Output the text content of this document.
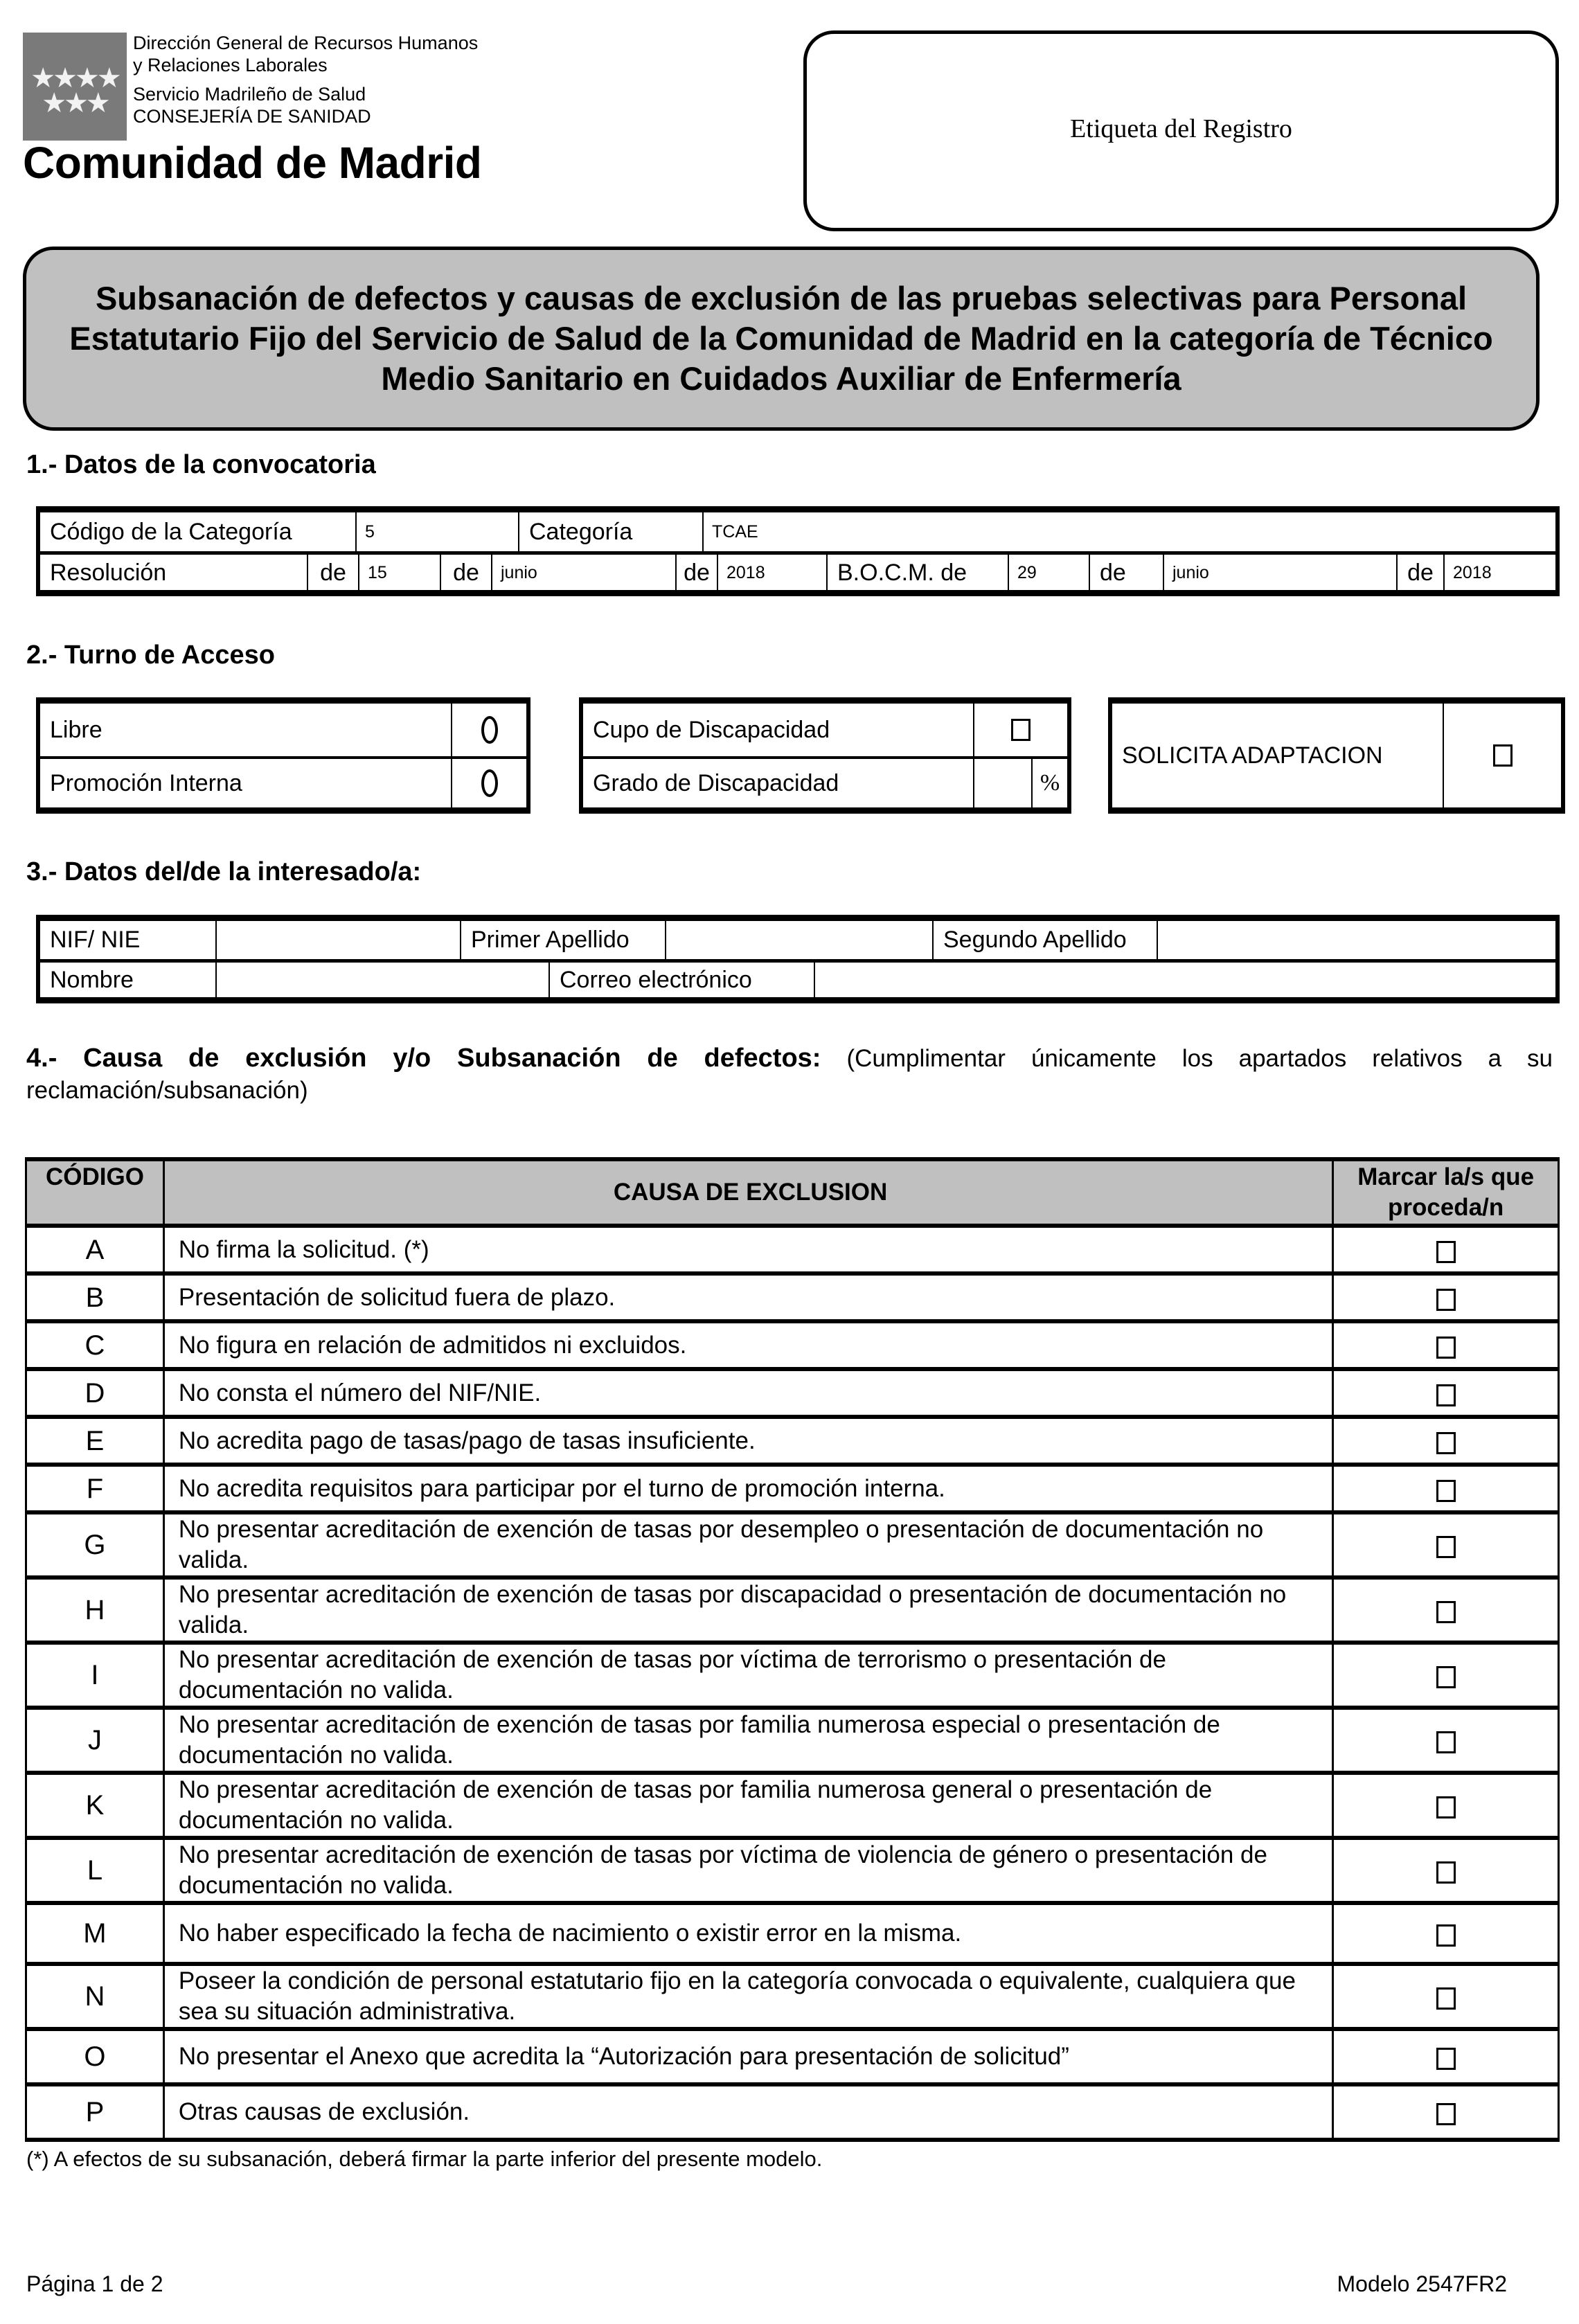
★★★★
★★★
Dirección General de Recursos Humanos
y Relaciones Laborales
Servicio Madrileño de Salud
CONSEJERÍA DE SANIDAD
Comunidad de Madrid
Etiqueta del Registro
Subsanación de defectos y causas de exclusión de las pruebas selectivas para Personal Estatutario Fijo del Servicio de Salud de la Comunidad de Madrid en la categoría de Técnico Medio Sanitario en Cuidados Auxiliar de Enfermería
1.- Datos de la convocatoria
Código de la Categoría	5	Categoría	TCAE
Resolución	de	15	de	junio	de 2018	B.O.C.M. de	29	de	junio	de	2018
2.- Turno de Acceso
Libre
Promoción Interna
Cupo de Discapacidad
Grado de Discapacidad	%
SOLICITA ADAPTACION
3.- Datos del/de la interesado/a:
NIF/ NIE	Primer Apellido	Segundo Apellido
Nombre	Correo electrónico
4.- Causa de exclusión y/o Subsanación de defectos: (Cumplimentar únicamente los apartados relativos a su reclamación/subsanación)
CÓDIGO	CAUSA DE EXCLUSION	Marcar la/s que proceda/n
A	No firma la solicitud. (*)	

B	Presentación de solicitud fuera de plazo.	

C	No figura en relación de admitidos ni excluidos.	

D	No consta el número del NIF/NIE.	

E	No acredita pago de tasas/pago de tasas insuficiente.	

F	No acredita requisitos para participar por el turno de promoción interna.	

G	No presentar acreditación de exención de tasas por desempleo o presentación de documentación no valida.	

H	No presentar acreditación de exención de tasas por discapacidad o presentación de documentación no valida.	

I	No presentar acreditación de exención de tasas por víctima de terrorismo o presentación de documentación no valida.	

J	No presentar acreditación de exención de tasas por familia numerosa especial o presentación de documentación no valida.	

K	No presentar acreditación de exención de tasas por familia numerosa general o presentación de documentación no valida.	

L	No presentar acreditación de exención de tasas por víctima de violencia de género o presentación de documentación no valida.	

M	No haber especificado la fecha de nacimiento o existir error en la misma.	

N	Poseer la condición de personal estatutario fijo en la categoría convocada o equivalente, cualquiera que sea su situación administrativa.	

O	No presentar el Anexo que acredita la “Autorización para presentación de solicitud”	

P	Otras causas de exclusión.	
(*) A efectos de su subsanación, deberá firmar la parte inferior del presente modelo.
Página 1 de 2	Modelo 2547FR2
